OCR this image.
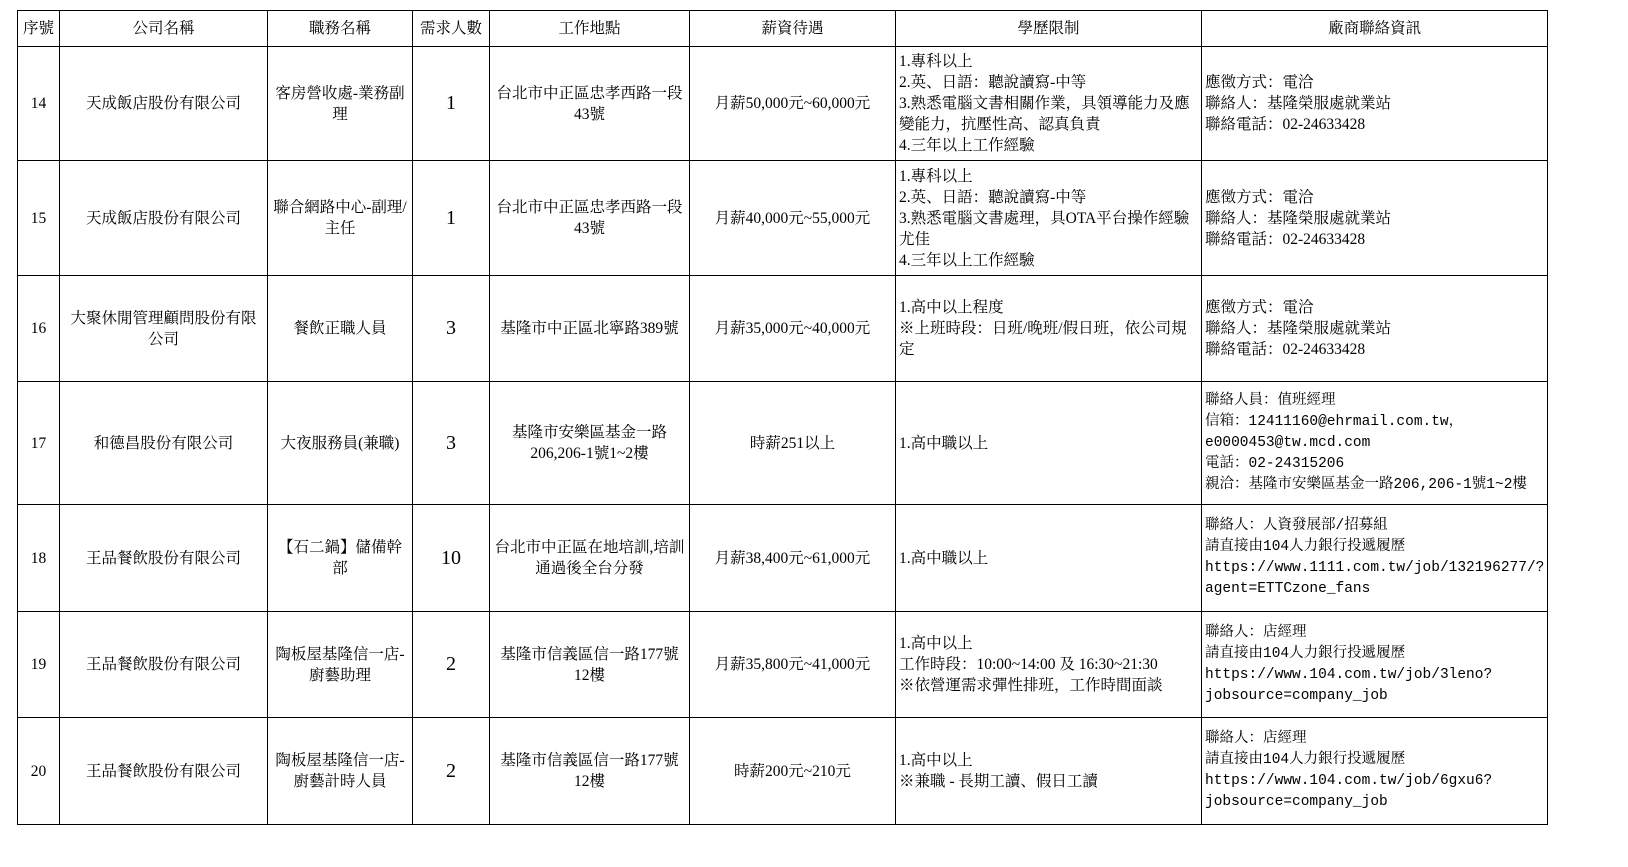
序號	公司名稱	職務名稱	需求人數	工作地點	薪資待遇	學歷限制	廠商聯絡資訊
14	天成飯店股份有限公司	客房營收處-業務副理	1	台北市中正區忠孝西路一段43號	月薪50,000元~60,000元	1.專科以上
2.英、日語：聽說讀寫-中等
3.熟悉電腦文書相關作業，具領導能力及應變能力，抗壓性高、認真負責
4.三年以上工作經驗	應徵方式：電洽
聯絡人：基隆榮服處就業站
聯絡電話：02-24633428
15	天成飯店股份有限公司	聯合網路中心-副理/主任	1	台北市中正區忠孝西路一段43號	月薪40,000元~55,000元	1.專科以上
2.英、日語：聽說讀寫-中等
3.熟悉電腦文書處理，具OTA平台操作經驗尤佳
4.三年以上工作經驗	應徵方式：電洽
聯絡人：基隆榮服處就業站
聯絡電話：02-24633428
16	大聚休閒管理顧問股份有限公司	餐飲正職人員	3	基隆市中正區北寧路389號	月薪35,000元~40,000元	1.高中以上程度
※上班時段：日班/晚班/假日班，依公司規定	應徵方式：電洽
聯絡人：基隆榮服處就業站
聯絡電話：02-24633428
17	和德昌股份有限公司	大夜服務員(兼職)	3	基隆市安樂區基金一路206,206-1號1~2樓	時薪251以上	1.高中職以上	聯絡人員：值班經理
信箱：12411160@ehrmail.com.tw，e0000453@tw.mcd.com
電話：02-24315206
親洽：基隆市安樂區基金一路206,206-1號1~2樓
18	王品餐飲股份有限公司	【石二鍋】儲備幹部	10	台北市中正區在地培訓,培訓通過後全台分發	月薪38,400元~61,000元	1.高中職以上	聯絡人：人資發展部/招募組
請直接由104人力銀行投遞履歷
https://www.1111.com.tw/job/132196277/?agent=ETTCzone_fans
19	王品餐飲股份有限公司	陶板屋基隆信一店-廚藝助理	2	基隆市信義區信一路177號12樓	月薪35,800元~41,000元	1.高中以上
工作時段：10:00~14:00 及 16:30~21:30
※依營運需求彈性排班，工作時間面談	聯絡人：店經理
請直接由104人力銀行投遞履歷
https://www.104.com.tw/job/3leno?jobsource=company_job
20	王品餐飲股份有限公司	陶板屋基隆信一店-廚藝計時人員	2	基隆市信義區信一路177號12樓	時薪200元~210元	1.高中以上
※兼職 - 長期工讀、假日工讀	聯絡人：店經理
請直接由104人力銀行投遞履歷
https://www.104.com.tw/job/6gxu6?jobsource=company_job
